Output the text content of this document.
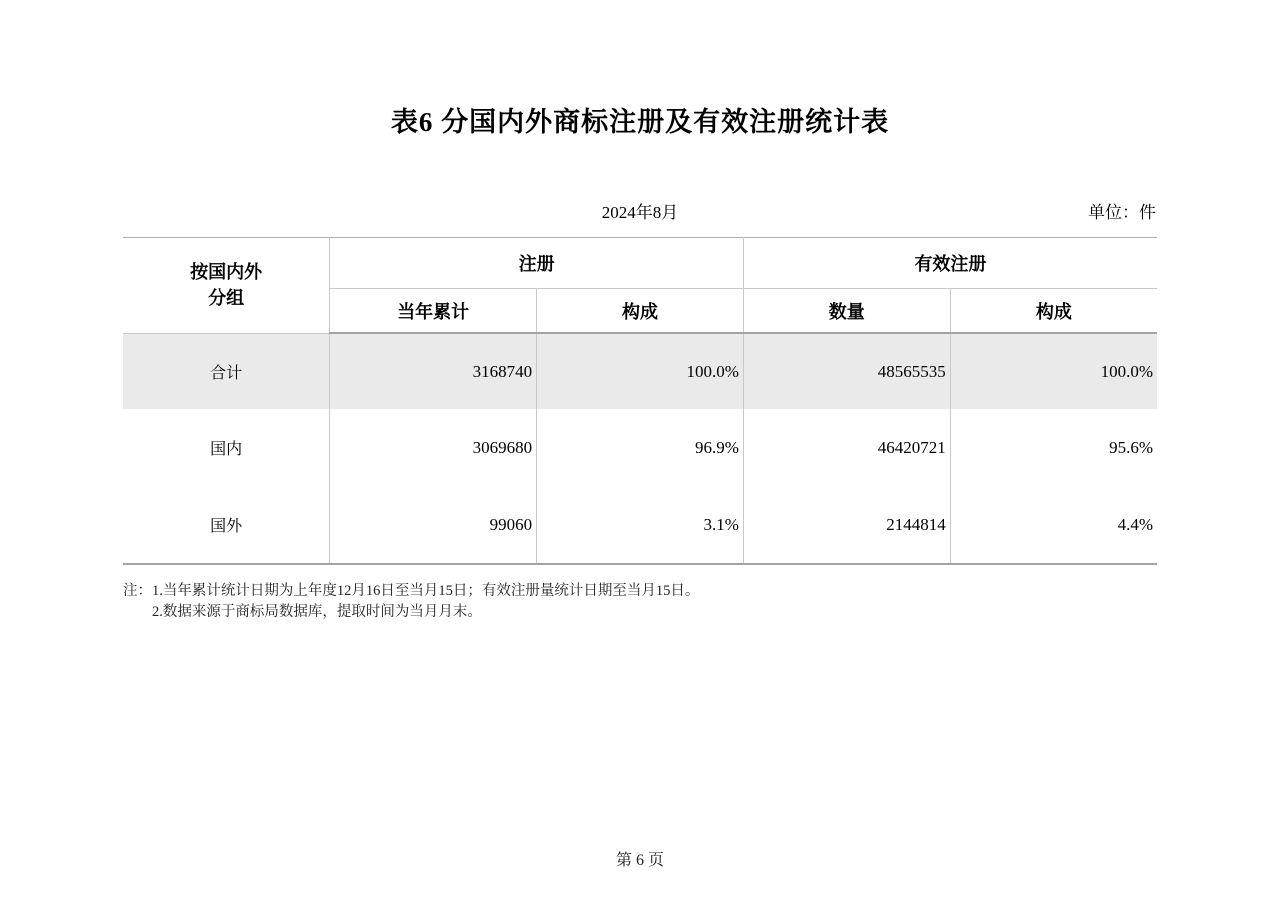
表6 分国内外商标注册及有效注册统计表
2024年8月	单位：件
按国内外
分组	注册		有效注册	
	当年累计	构成	数量	构成
合计	3168740	100.0%	48565535	100.0%
国内	3069680	96.9%	46420721	95.6%
国外	99060	3.1%	2144814	4.4%
注：1.当年累计统计日期为上年度12月16日至当月15日；有效注册量统计日期至当月15日。
2.数据来源于商标局数据库，提取时间为当月月末。
第 6 页
